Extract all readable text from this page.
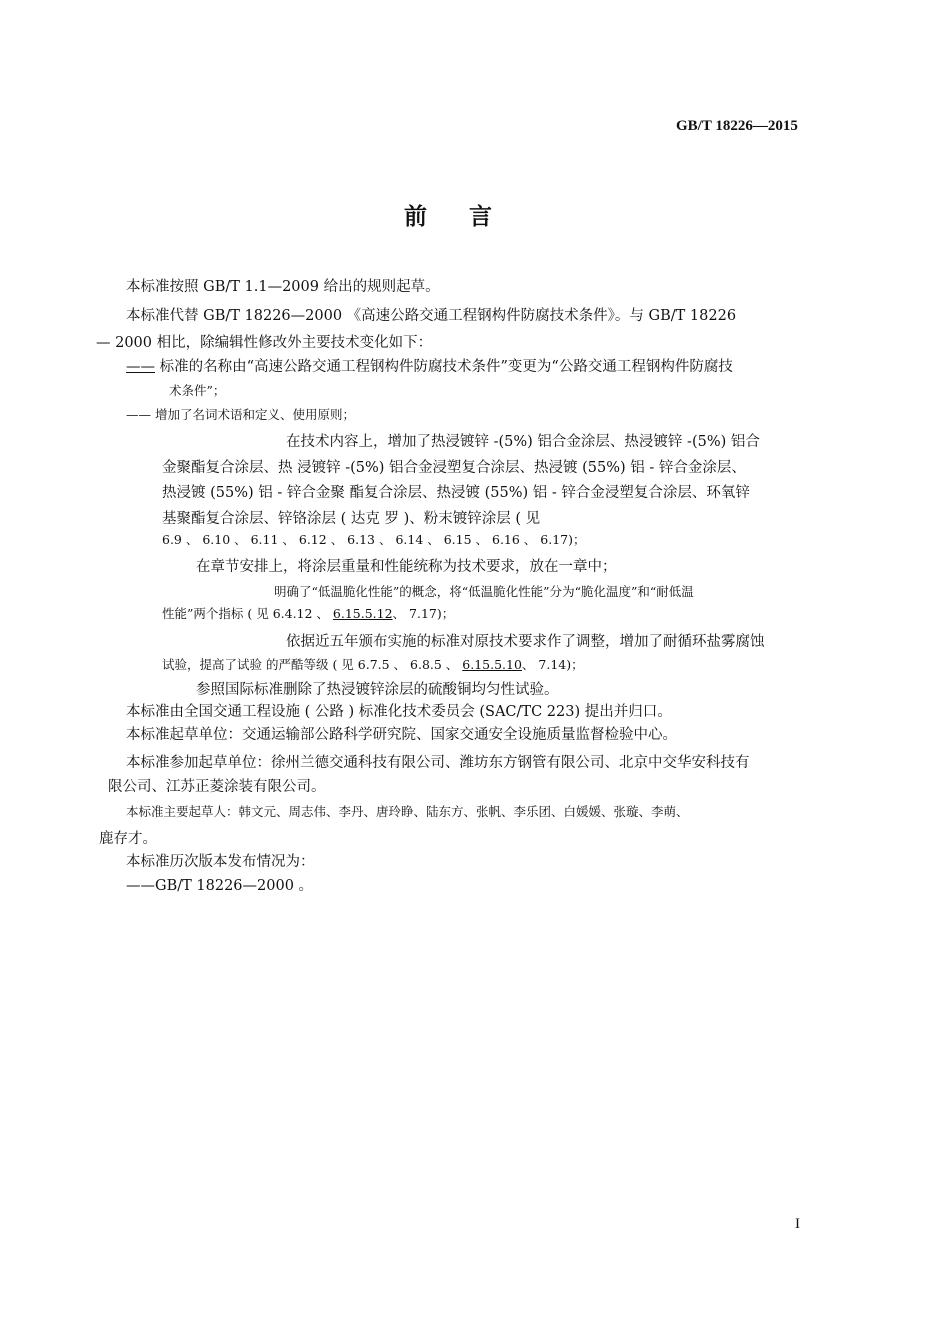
GB/T 18226—2015
前言
本标准按照 GB/T 1.1—2009 给出的规则起草。
本标准代替 GB/T 18226—2000 《高速公路交通工程钢构件防腐技术条件》。与 GB/T 18226
— 2000 相比，除编辑性修改外主要技术变化如下：
—— 标准的名称由“高速公路交通工程钢构件防腐技术条件”变更为“公路交通工程钢构件防腐技
术条件”；
—— 增加了名词术语和定义、使用原则；
在技术内容上，增加了热浸镀锌 -(5%) 铝合金涂层、热浸镀锌 -(5%) 铝合
金聚酯复合涂层、热 浸镀锌 -(5%) 铝合金浸塑复合涂层、热浸镀 (55%) 铝 - 锌合金涂层、
热浸镀 (55%) 铝 - 锌合金聚 酯复合涂层、热浸镀 (55%) 铝 - 锌合金浸塑复合涂层、环氧锌
基聚酯复合涂层、锌铬涂层 ( 达克 罗 )、粉末镀锌涂层 ( 见
6.9 、 6.10 、 6.11 、 6.12 、 6.13 、 6.14 、 6.15 、 6.16 、 6.17)；
在章节安排上，将涂层重量和性能统称为技术要求，放在一章中；
明确了“低温脆化性能”的概念，将“低温脆化性能”分为“脆化温度”和“耐低温
性能”两个指标 ( 见 6.4.12 、 6.15.5.12、 7.17)；
依据近五年颁布实施的标准对原技术要求作了调整，增加了耐循环盐雾腐蚀
试验，提高了试验 的严酷等级 ( 见 6.7.5 、 6.8.5 、 6.15.5.10、 7.14)；
参照国际标准删除了热浸镀锌涂层的硫酸铜均匀性试验。
本标准由全国交通工程设施 ( 公路 ) 标准化技术委员会 (SAC/TC 223) 提出并归口。
本标准起草单位：交通运输部公路科学研究院、国家交通安全设施质量监督检验中心。
本标准参加起草单位：徐州兰德交通科技有限公司、潍坊东方钢管有限公司、北京中交华安科技有
限公司、江苏正菱涂装有限公司。
本标准主要起草人：韩文元、周志伟、李丹、唐玲睁、陆东方、张帆、李乐团、白媛媛、张璇、李萌、
鹿存才。
本标准历次版本发布情况为：
——GB/T 18226—2000 。
I
